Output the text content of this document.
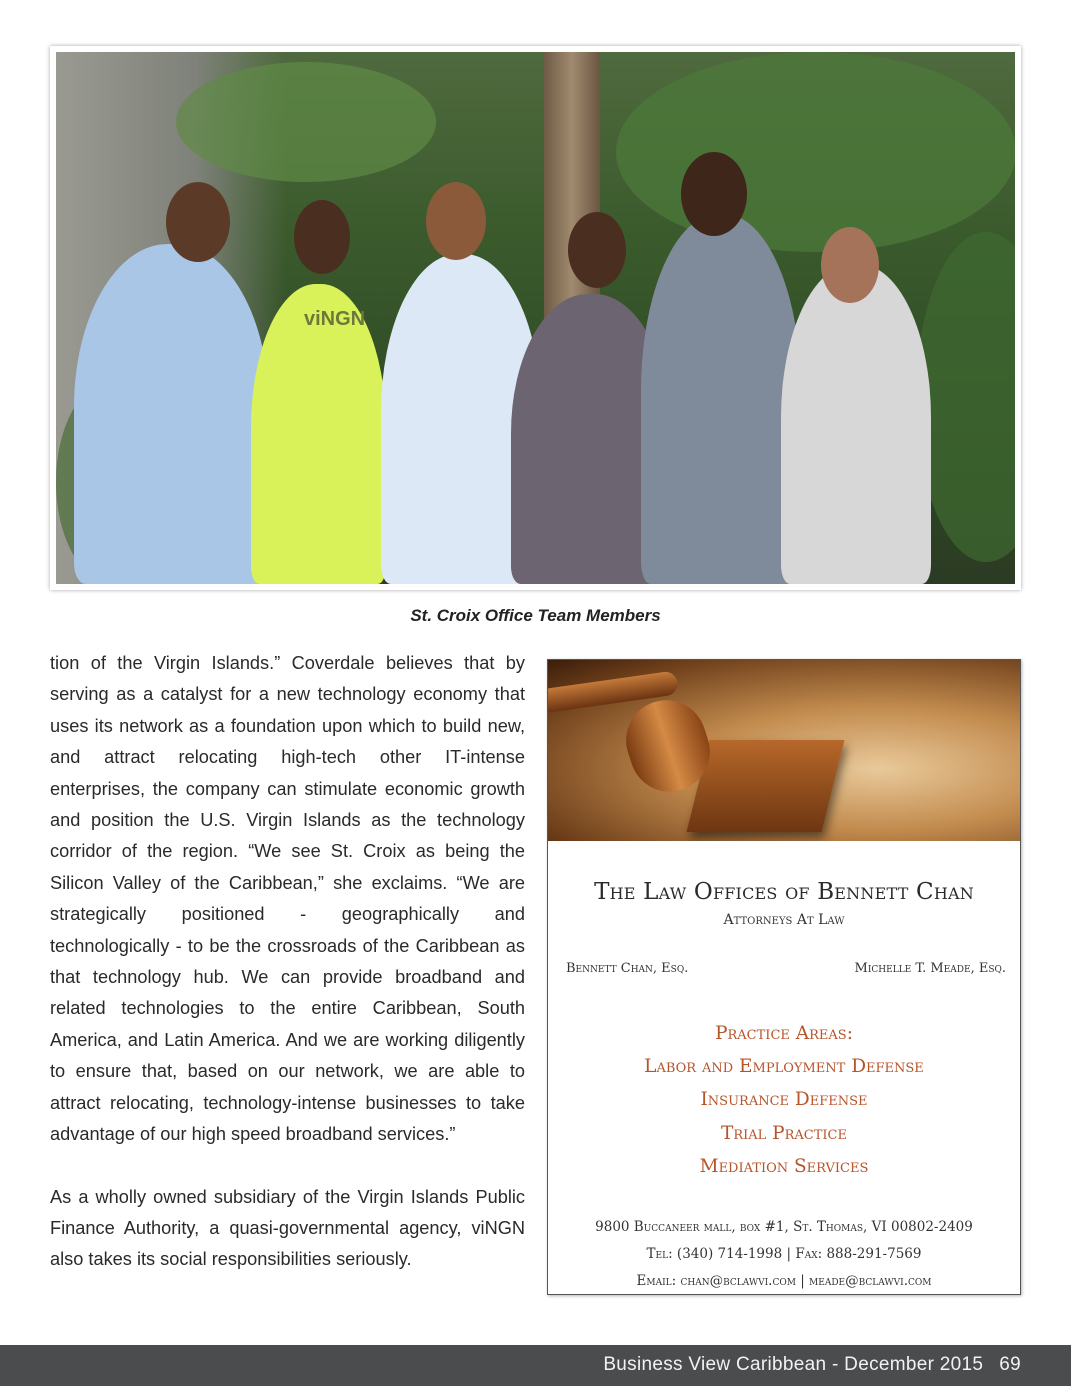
viNGN
St. Croix Office Team Members

tion of the Virgin Islands.” Coverdale believes that by serving as a catalyst for a new technology economy that uses its network as a foundation upon which to build new, and attract relocating high-tech other IT-intense enterprises, the company can stimulate economic growth and position the U.S. Virgin Islands as the technology corridor of the region. “We see St. Croix as being the Silicon Valley of the Caribbean,” she exclaims. “We are strategically positioned - geographically and technologically - to be the crossroads of the Caribbean as that technology hub. We can provide broadband and related technologies to the entire Caribbean, South America, and Latin America. And we are working diligently to ensure that, based on our network, we are able to attract relocating, technology-intense businesses to take advantage of our high speed broadband services.”

As a wholly owned subsidiary of the Virgin Islands Public Finance Authority, a quasi-governmental agency, viNGN also takes its social responsibilities seriously.

The Law Offices of Bennett Chan
Attorneys At Law
Bennett Chan, Esq.	Michelle T. Meade, Esq.
Practice Areas:
Labor and Employment Defense
Insurance Defense
Trial Practice
Mediation Services
9800 Buccaneer mall, box #1, St. Thomas, VI 00802-2409
Tel: (340) 714-1998 | Fax: 888-291-7569
Email: chan@bclawvi.com | meade@bclawvi.com
Business View Caribbean - December 2015 69
